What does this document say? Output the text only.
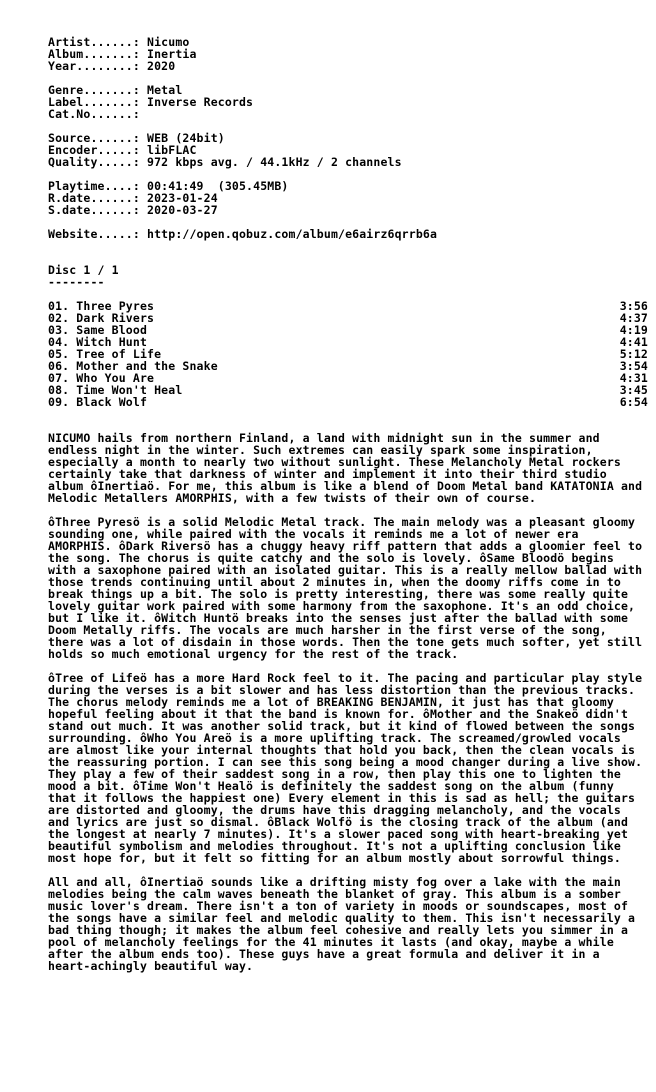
Artist......: Nicumo
Album.......: Inertia
Year........: 2020
Genre.......: Metal
Label.......: Inverse Records
Cat.No......:
Source......: WEB (24bit)
Encoder.....: libFLAC
Quality.....: 972 kbps avg. / 44.1kHz / 2 channels
Playtime....: 00:41:49  (305.45MB)
R.date......: 2023-01-24
S.date......: 2020-03-27
Website.....: http://open.qobuz.com/album/e6airz6qrrb6a
Disc 1 / 1
--------
01. Three Pyres	3:56
02. Dark Rivers	4:37
03. Same Blood	4:19
04. Witch Hunt	4:41
05. Tree of Life	5:12
06. Mother and the Snake	3:54
07. Who You Are	4:31
08. Time Won't Heal	3:45
09. Black Wolf	6:54

NICUMO hails from northern Finland, a land with midnight sun in the summer and endless night in the winter. Such extremes can easily spark some inspiration, especially a month to nearly two without sunlight. These Melancholy Metal rockers certainly take that darkness of winter and implement it into their third studio album ôInertiaö. For me, this album is like a blend of Doom Metal band KATATONIA and Melodic Metallers AMORPHIS, with a few twists of their own of course.

ôThree Pyresö is a solid Melodic Metal track. The main melody was a pleasant gloomy sounding one, while paired with the vocals it reminds me a lot of newer era AMORPHIS. ôDark Riversö has a chuggy heavy riff pattern that adds a gloomier feel to the song. The chorus is quite catchy and the solo is lovely. ôSame Bloodö begins with a saxophone paired with an isolated guitar. This is a really mellow ballad with those trends continuing until about 2 minutes in, when the doomy riffs come in to break things up a bit. The solo is pretty interesting, there was some really quite lovely guitar work paired with some harmony from the saxophone. It's an odd choice, but I like it. ôWitch Huntö breaks into the senses just after the ballad with some Doom Metally riffs. The vocals are much harsher in the first verse of the song, there was a lot of disdain in those words. Then the tone gets much softer, yet still holds so much emotional urgency for the rest of the track.

ôTree of Lifeö has a more Hard Rock feel to it. The pacing and particular play style during the verses is a bit slower and has less distortion than the previous tracks. The chorus melody reminds me a lot of BREAKING BENJAMIN, it just has that gloomy hopeful feeling about it that the band is known for. ôMother and the Snakeö didn't stand out much. It was another solid track, but it kind of flowed between the songs surrounding. ôWho You Areö is a more uplifting track. The screamed/growled vocals are almost like your internal thoughts that hold you back, then the clean vocals is the reassuring portion. I can see this song being a mood changer during a live show. They play a few of their saddest song in a row, then play this one to lighten the mood a bit. ôTime Won't Healö is definitely the saddest song on the album (funny that it follows the happiest one) Every element in this is sad as hell; the guitars are distorted and gloomy, the drums have this dragging melancholy, and the vocals and lyrics are just so dismal. ôBlack Wolfö is the closing track of the album (and the longest at nearly 7 minutes). It's a slower paced song with heart-breaking yet beautiful symbolism and melodies throughout. It's not a uplifting conclusion like most hope for, but it felt so fitting for an album mostly about sorrowful things.

All and all, ôInertiaö sounds like a drifting misty fog over a lake with the main melodies being the calm waves beneath the blanket of gray. This album is a somber music lover's dream. There isn't a ton of variety in moods or soundscapes, most of the songs have a similar feel and melodic quality to them. This isn't necessarily a bad thing though; it makes the album feel cohesive and really lets you simmer in a pool of melancholy feelings for the 41 minutes it lasts (and okay, maybe a while after the album ends too). These guys have a great formula and deliver it in a heart-achingly beautiful way.
